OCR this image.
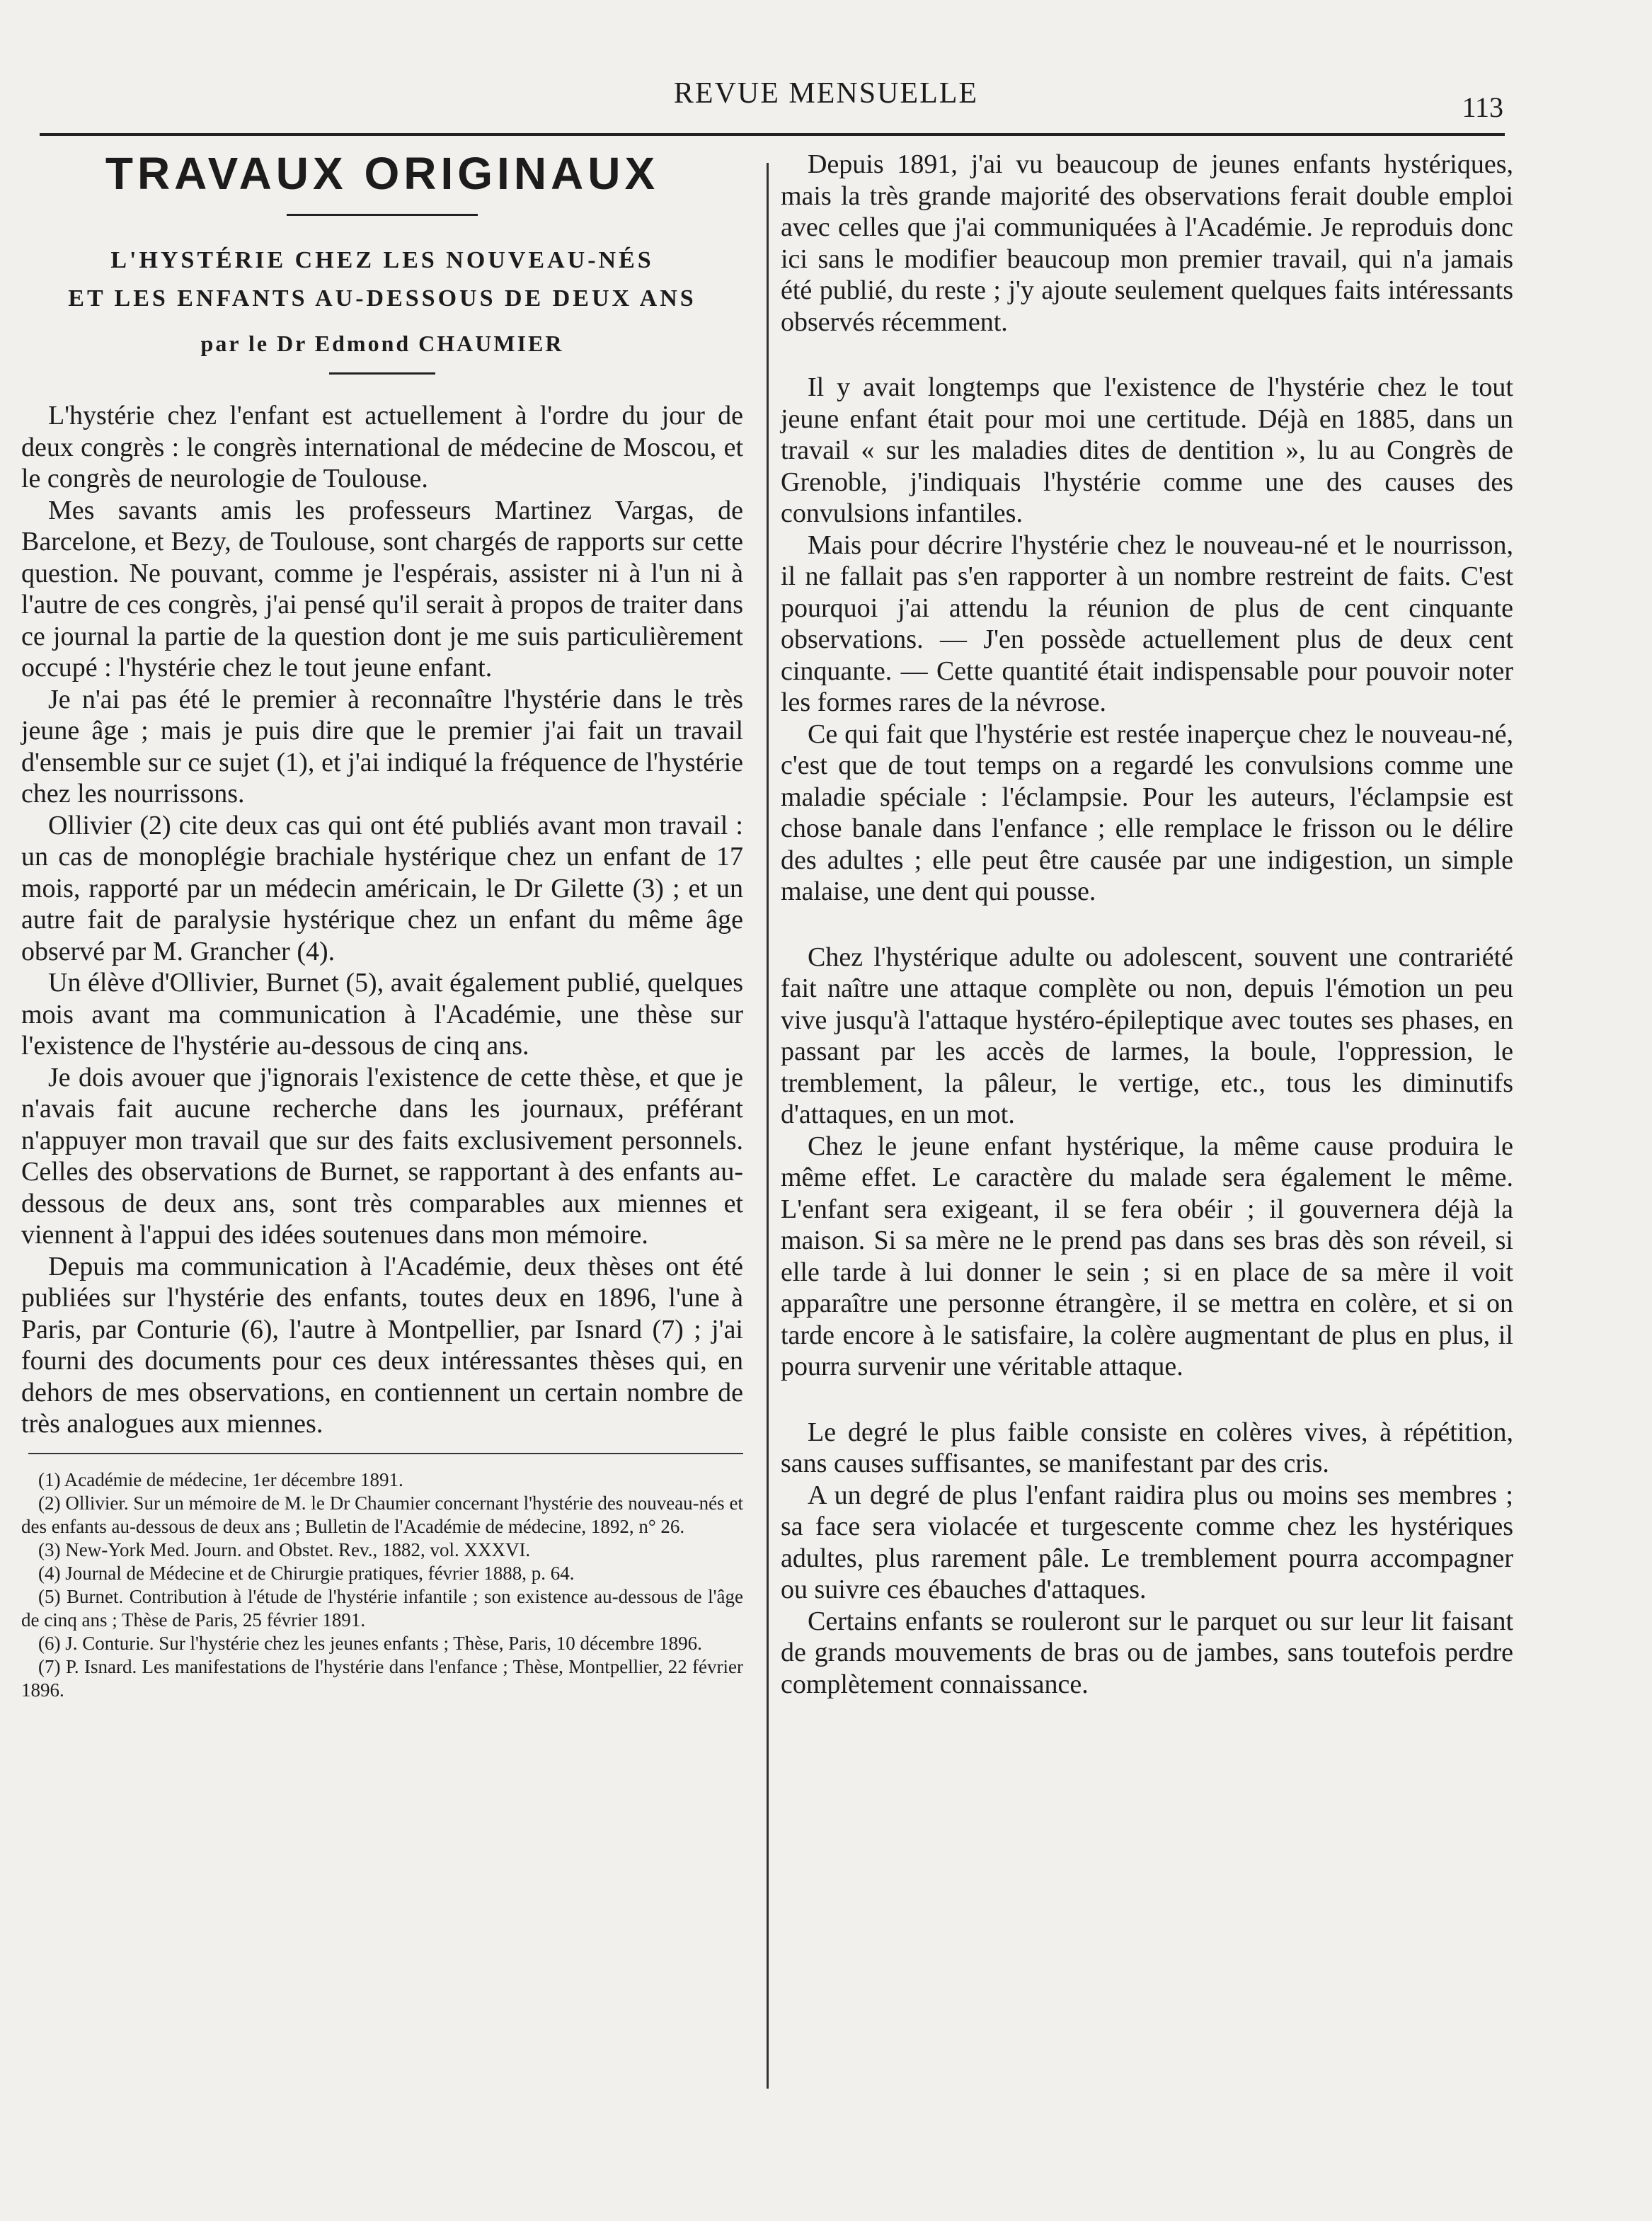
REVUE MENSUELLE	113
TRAVAUX ORIGINAUX

L'HYSTÉRIE CHEZ LES NOUVEAU-NÉS

ET LES ENFANTS AU-DESSOUS DE DEUX ANS

par le Dr Edmond CHAUMIER

L'hystérie chez l'enfant est actuellement à l'ordre du jour de deux congrès : le congrès international de médecine de Moscou, et le congrès de neurologie de Toulouse.

Mes savants amis les professeurs Martinez Vargas, de Barcelone, et Bezy, de Toulouse, sont chargés de rapports sur cette question. Ne pouvant, comme je l'espérais, assister ni à l'un ni à l'autre de ces congrès, j'ai pensé qu'il serait à propos de traiter dans ce journal la partie de la question dont je me suis particulièrement occupé : l'hystérie chez le tout jeune enfant.

Je n'ai pas été le premier à reconnaître l'hystérie dans le très jeune âge ; mais je puis dire que le premier j'ai fait un travail d'ensemble sur ce sujet (1), et j'ai indiqué la fréquence de l'hystérie chez les nourrissons.

Ollivier (2) cite deux cas qui ont été publiés avant mon travail : un cas de monoplégie brachiale hystérique chez un enfant de 17 mois, rapporté par un médecin américain, le Dr Gilette (3) ; et un autre fait de paralysie hystérique chez un enfant du même âge observé par M. Grancher (4).

Un élève d'Ollivier, Burnet (5), avait également publié, quelques mois avant ma communication à l'Académie, une thèse sur l'existence de l'hystérie au-dessous de cinq ans.

Je dois avouer que j'ignorais l'existence de cette thèse, et que je n'avais fait aucune recherche dans les journaux, préférant n'appuyer mon travail que sur des faits exclusivement personnels. Celles des observations de Burnet, se rapportant à des enfants au-dessous de deux ans, sont très comparables aux miennes et viennent à l'appui des idées soutenues dans mon mémoire.

Depuis ma communication à l'Académie, deux thèses ont été publiées sur l'hystérie des enfants, toutes deux en 1896, l'une à Paris, par Conturie (6), l'autre à Montpellier, par Isnard (7) ; j'ai fourni des documents pour ces deux intéressantes thèses qui, en dehors de mes observations, en contiennent un certain nombre de très analogues aux miennes.

(1) Académie de médecine, 1er décembre 1891.

(2) Ollivier. Sur un mémoire de M. le Dr Chaumier concernant l'hystérie des nouveau-nés et des enfants au-dessous de deux ans ; Bulletin de l'Académie de médecine, 1892, n° 26.

(3) New-York Med. Journ. and Obstet. Rev., 1882, vol. XXXVI.

(4) Journal de Médecine et de Chirurgie pratiques, février 1888, p. 64.

(5) Burnet. Contribution à l'étude de l'hystérie infantile ; son existence au-dessous de l'âge de cinq ans ; Thèse de Paris, 25 février 1891.

(6) J. Conturie. Sur l'hystérie chez les jeunes enfants ; Thèse, Paris, 10 décembre 1896.

(7) P. Isnard. Les manifestations de l'hystérie dans l'enfance ; Thèse, Montpellier, 22 février 1896.

Depuis 1891, j'ai vu beaucoup de jeunes enfants hystériques, mais la très grande majorité des observations ferait double emploi avec celles que j'ai communiquées à l'Académie. Je reproduis donc ici sans le modifier beaucoup mon premier travail, qui n'a jamais été publié, du reste ; j'y ajoute seulement quelques faits intéressants observés récemment.

Il y avait longtemps que l'existence de l'hystérie chez le tout jeune enfant était pour moi une certitude. Déjà en 1885, dans un travail « sur les maladies dites de dentition », lu au Congrès de Grenoble, j'indiquais l'hystérie comme une des causes des convulsions infantiles.

Mais pour décrire l'hystérie chez le nouveau-né et le nourrisson, il ne fallait pas s'en rapporter à un nombre restreint de faits. C'est pourquoi j'ai attendu la réunion de plus de cent cinquante observations. — J'en possède actuellement plus de deux cent cinquante. — Cette quantité était indispensable pour pouvoir noter les formes rares de la névrose.

Ce qui fait que l'hystérie est restée inaperçue chez le nouveau-né, c'est que de tout temps on a regardé les convulsions comme une maladie spéciale : l'éclampsie. Pour les auteurs, l'éclampsie est chose banale dans l'enfance ; elle remplace le frisson ou le délire des adultes ; elle peut être causée par une indigestion, un simple malaise, une dent qui pousse.

Chez l'hystérique adulte ou adolescent, souvent une contrariété fait naître une attaque complète ou non, depuis l'émotion un peu vive jusqu'à l'attaque hystéro-épileptique avec toutes ses phases, en passant par les accès de larmes, la boule, l'oppression, le tremblement, la pâleur, le vertige, etc., tous les diminutifs d'attaques, en un mot.

Chez le jeune enfant hystérique, la même cause produira le même effet. Le caractère du malade sera également le même. L'enfant sera exigeant, il se fera obéir ; il gouvernera déjà la maison. Si sa mère ne le prend pas dans ses bras dès son réveil, si elle tarde à lui donner le sein ; si en place de sa mère il voit apparaître une personne étrangère, il se mettra en colère, et si on tarde encore à le satisfaire, la colère augmentant de plus en plus, il pourra survenir une véritable attaque.

Le degré le plus faible consiste en colères vives, à répétition, sans causes suffisantes, se manifestant par des cris.

A un degré de plus l'enfant raidira plus ou moins ses membres ; sa face sera violacée et turgescente comme chez les hystériques adultes, plus rarement pâle. Le tremblement pourra accompagner ou suivre ces ébauches d'attaques.

Certains enfants se rouleront sur le parquet ou sur leur lit faisant de grands mouvements de bras ou de jambes, sans toutefois perdre complètement connaissance.
